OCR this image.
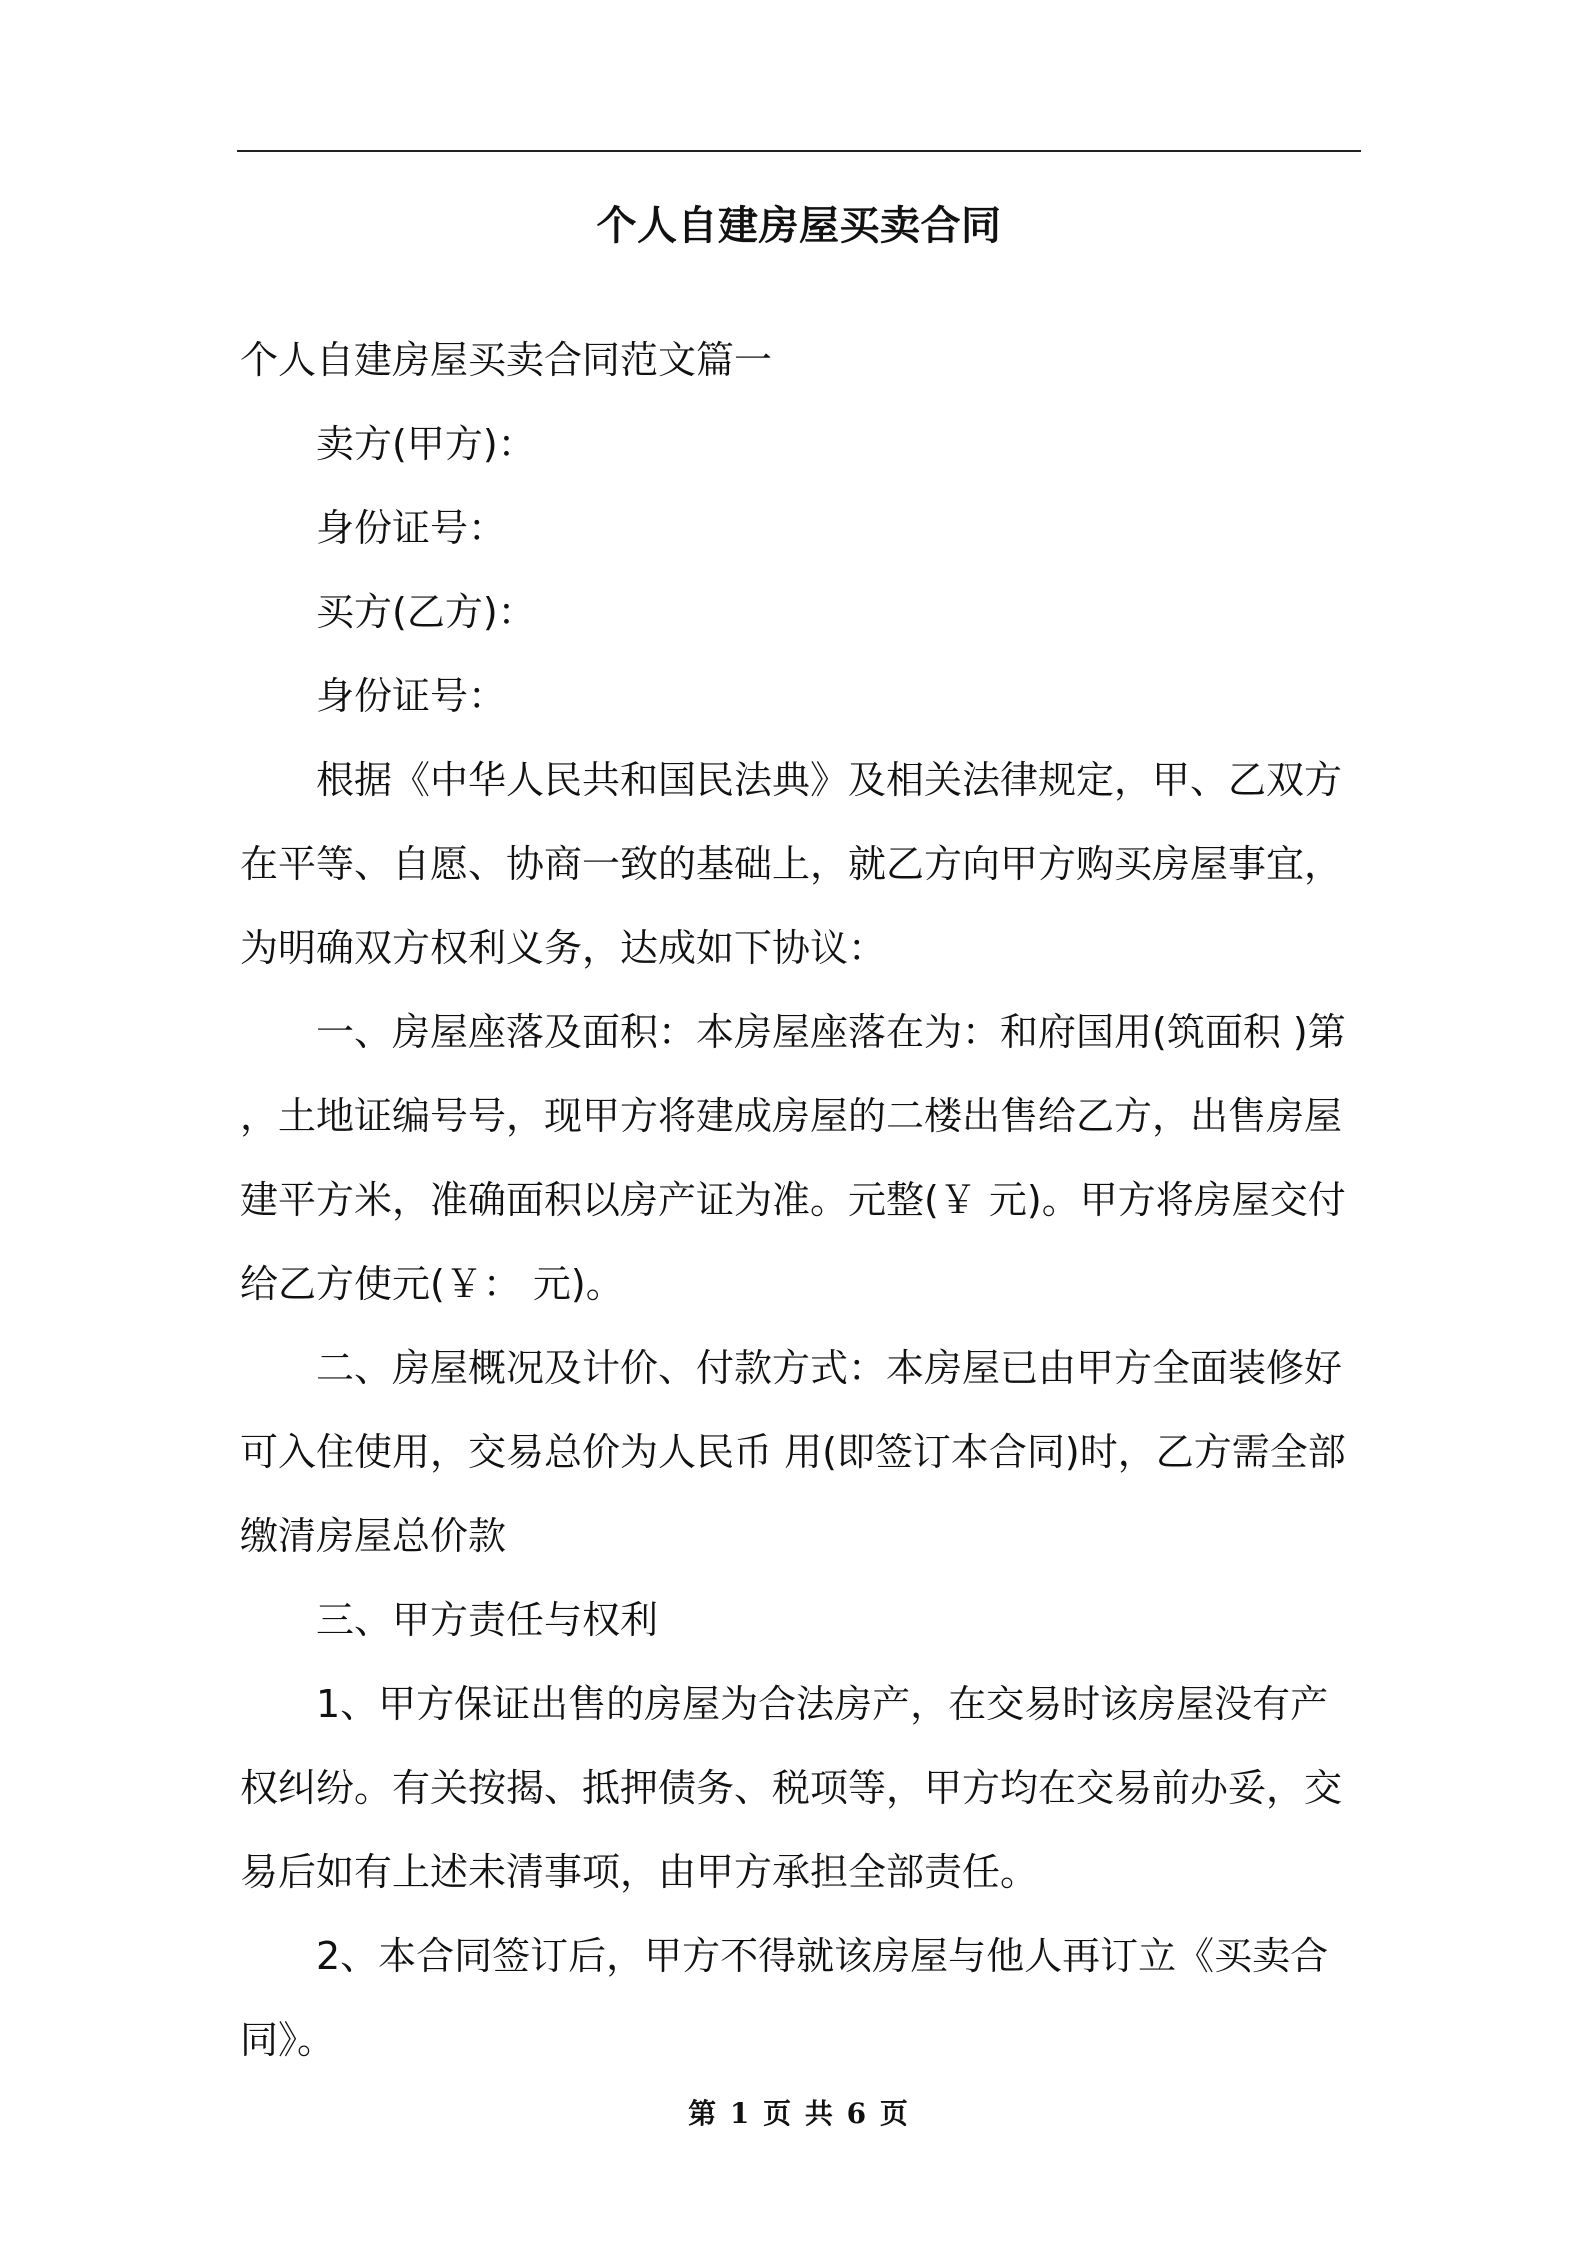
个人自建房屋买卖合同

个人自建房屋买卖合同范文篇一

卖方(甲方)：

身份证号：

买方(乙方)：

身份证号：

根据《中华人民共和国民法典》及相关法律规定，甲、乙双方在平等、自愿、协商一致的基础上，就乙方向甲方购买房屋事宜，为明确双方权利义务，达成如下协议：

一、房屋座落及面积：本房屋座落在为：和府国用(筑面积 )第 ，土地证编号号，现甲方将建成房屋的二楼出售给乙方，出售房屋建平方米，准确面积以房产证为准。元整(￥ 元)。甲方将房屋交付给乙方使元(￥： 元)。

二、房屋概况及计价、付款方式：本房屋已由甲方全面装修好可入住使用，交易总价为人民币 用(即签订本合同)时，乙方需全部缴清房屋总价款

三、甲方责任与权利

1、甲方保证出售的房屋为合法房产，在交易时该房屋没有产权纠纷。有关按揭、抵押债务、税项等，甲方均在交易前办妥，交易后如有上述未清事项，由甲方承担全部责任。

2、本合同签订后，甲方不得就该房屋与他人再订立《买卖合同》。

第 1 页 共 6 页
